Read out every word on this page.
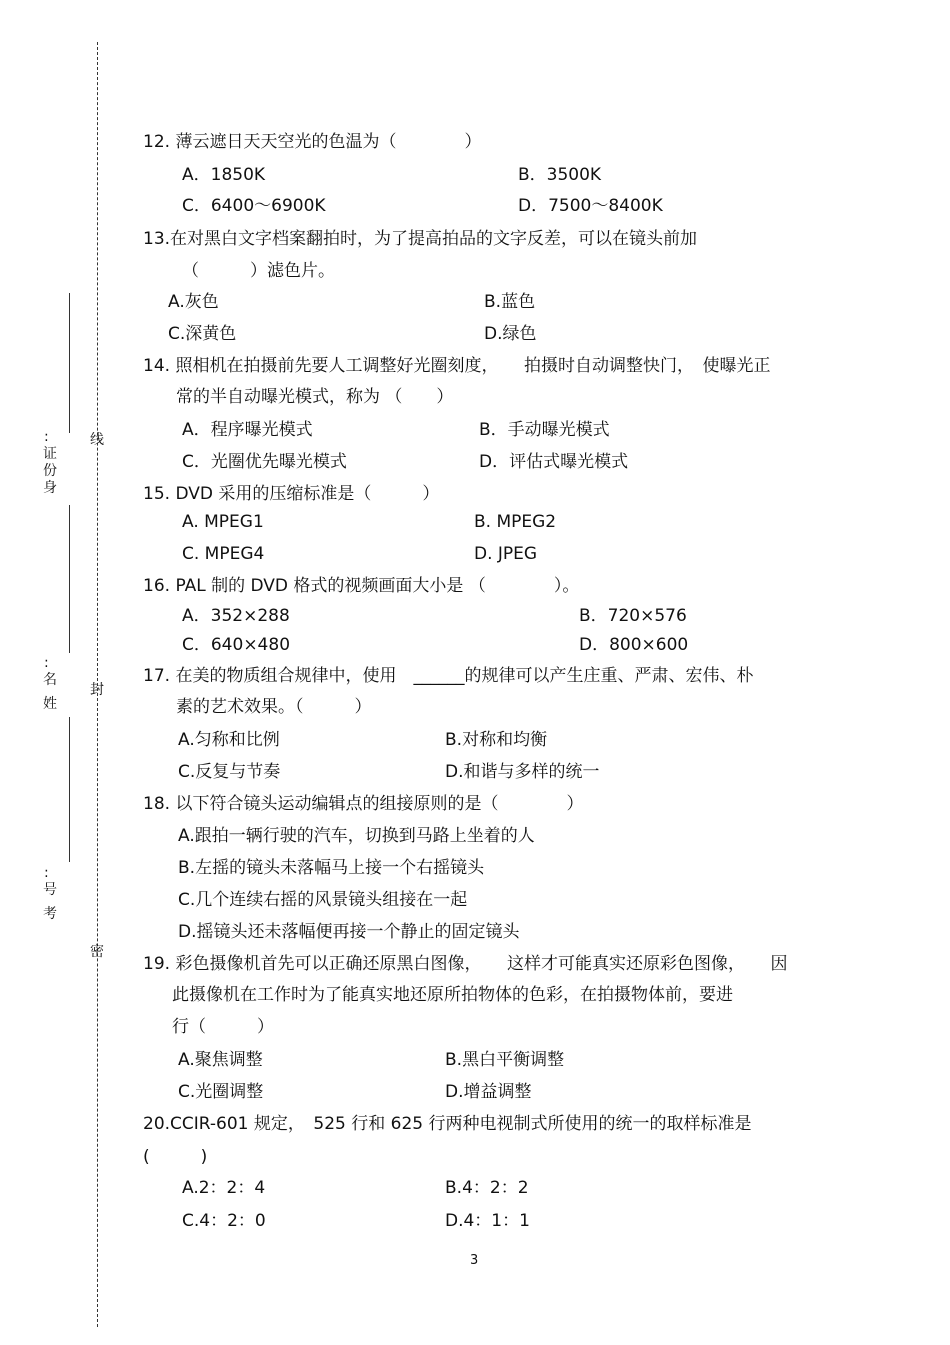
线
封
密
:
证
份
身
:
名
姓
:
号
考
12. 薄云遮日天天空光的色温为（　　　　）
A．1850K	B．3500K
C．6400～6900K	D．7500～8400K
13.在对黑白文字档案翻拍时，为了提高拍品的文字反差，可以在镜头前加
（　　　）滤色片。
A.灰色	B.蓝色
C.深黄色	D.绿色
14. 照相机在拍摄前先要人工调整好光圈刻度，　　拍摄时自动调整快门，　使曝光正
常的半自动曝光模式，称为 （　　）
A．程序曝光模式	B．手动曝光模式
C．光圈优先曝光模式	D．评估式曝光模式
15. DVD 采用的压缩标准是（　　　）
A. MPEG1	B. MPEG2
C. MPEG4	D. JPEG
16. PAL 制的 DVD 格式的视频画面大小是 （　　　　）。
A．352×288	B．720×576
C．640×480	D．800×600
17. 在美的物质组合规律中，使用　______的规律可以产生庄重、严肃、宏伟、朴
素的艺术效果。（　　　）
A.匀称和比例	B.对称和均衡
C.反复与节奏	D.和谐与多样的统一
18. 以下符合镜头运动编辑点的组接原则的是（　　　　）
A.跟拍一辆行驶的汽车，切换到马路上坐着的人
B.左摇的镜头未落幅马上接一个右摇镜头
C.几个连续右摇的风景镜头组接在一起
D.摇镜头还未落幅便再接一个静止的固定镜头
19. 彩色摄像机首先可以正确还原黑白图像，　　这样才可能真实还原彩色图像，　　因
此摄像机在工作时为了能真实地还原所拍物体的色彩，在拍摄物体前，要进
行（　　　）
A.聚焦调整	B.黑白平衡调整
C.光圈调整	D.增益调整
20.CCIR-601 规定，　525 行和 625 行两种电视制式所使用的统一的取样标准是
(　　　)
A.2：2：4	B.4：2：2
C.4：2：0	D.4：1：1
3
